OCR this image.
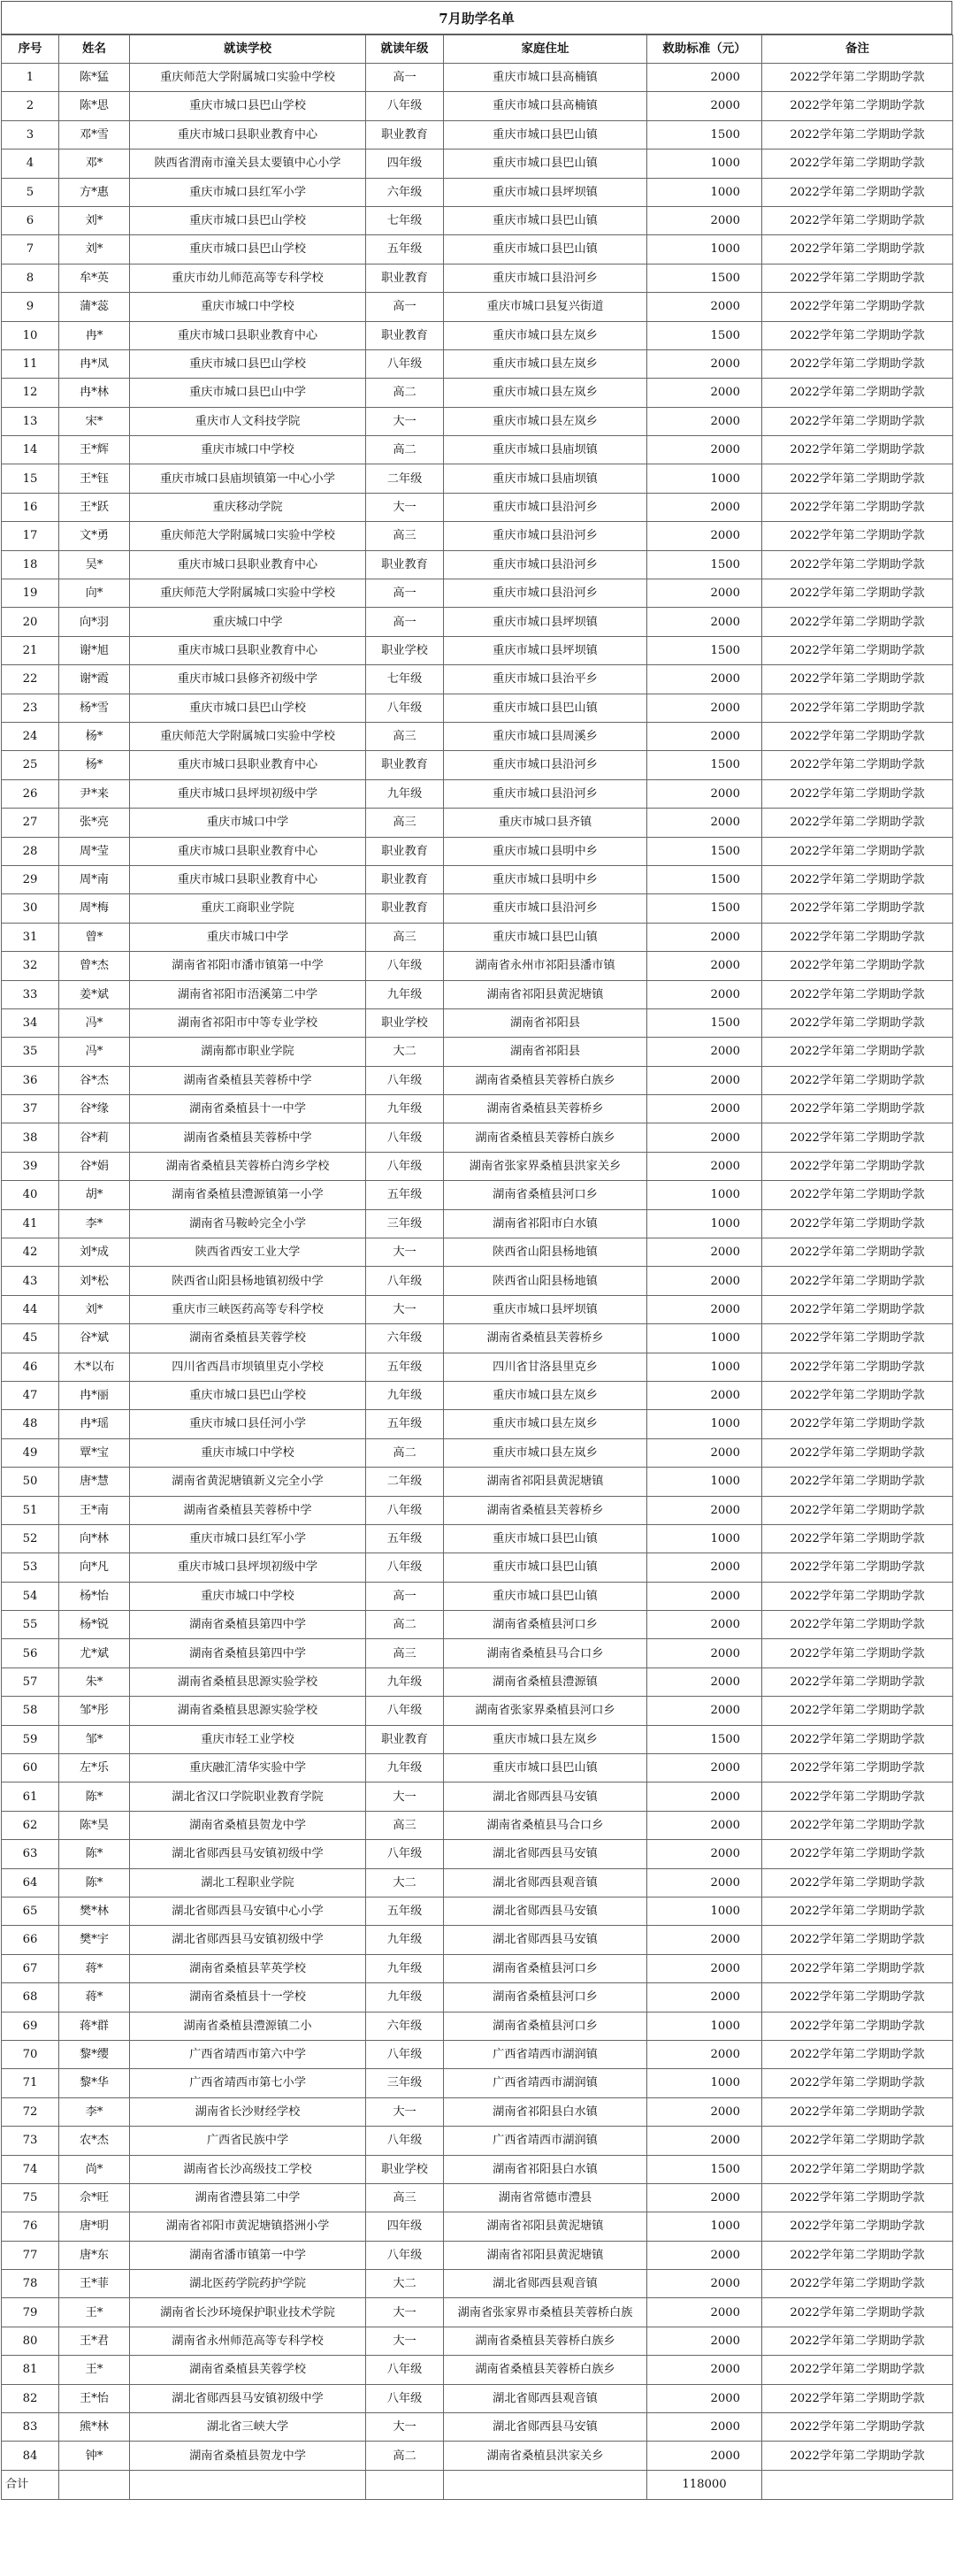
7月助学名单
序号	姓名	就读学校	就读年级	家庭住址	救助标准（元）	备注
1	陈*猛	重庆师范大学附属城口实验中学校	高一	重庆市城口县高楠镇	2000	2022学年第二学期助学款
2	陈*思	重庆市城口县巴山学校	八年级	重庆市城口县高楠镇	2000	2022学年第二学期助学款
3	邓*雪	重庆市城口县职业教育中心	职业教育	重庆市城口县巴山镇	1500	2022学年第二学期助学款
4	邓*	陕西省渭南市潼关县太要镇中心小学	四年级	重庆市城口县巴山镇	1000	2022学年第二学期助学款
5	方*惠	重庆市城口县红军小学	六年级	重庆市城口县坪坝镇	1000	2022学年第二学期助学款
6	刘*	重庆市城口县巴山学校	七年级	重庆市城口县巴山镇	2000	2022学年第二学期助学款
7	刘*	重庆市城口县巴山学校	五年级	重庆市城口县巴山镇	1000	2022学年第二学期助学款
8	牟*英	重庆市幼儿师范高等专科学校	职业教育	重庆市城口县沿河乡	1500	2022学年第二学期助学款
9	蒲*蕊	重庆市城口中学校	高一	重庆市城口县复兴街道	2000	2022学年第二学期助学款
10	冉*	重庆市城口县职业教育中心	职业教育	重庆市城口县左岚乡	1500	2022学年第二学期助学款
11	冉*凤	重庆市城口县巴山学校	八年级	重庆市城口县左岚乡	2000	2022学年第二学期助学款
12	冉*林	重庆市城口县巴山中学	高二	重庆市城口县左岚乡	2000	2022学年第二学期助学款
13	宋*	重庆市人文科技学院	大一	重庆市城口县左岚乡	2000	2022学年第二学期助学款
14	王*辉	重庆市城口中学校	高二	重庆市城口县庙坝镇	2000	2022学年第二学期助学款
15	王*钰	重庆市城口县庙坝镇第一中心小学	二年级	重庆市城口县庙坝镇	1000	2022学年第二学期助学款
16	王*跃	重庆移动学院	大一	重庆市城口县沿河乡	2000	2022学年第二学期助学款
17	文*勇	重庆师范大学附属城口实验中学校	高三	重庆市城口县沿河乡	2000	2022学年第二学期助学款
18	吴*	重庆市城口县职业教育中心	职业教育	重庆市城口县沿河乡	1500	2022学年第二学期助学款
19	向*	重庆师范大学附属城口实验中学校	高一	重庆市城口县沿河乡	2000	2022学年第二学期助学款
20	向*羽	重庆城口中学	高一	重庆市城口县坪坝镇	2000	2022学年第二学期助学款
21	谢*旭	重庆市城口县职业教育中心	职业学校	重庆市城口县坪坝镇	1500	2022学年第二学期助学款
22	谢*霞	重庆市城口县修齐初级中学	七年级	重庆市城口县治平乡	2000	2022学年第二学期助学款
23	杨*雪	重庆市城口县巴山学校	八年级	重庆市城口县巴山镇	2000	2022学年第二学期助学款
24	杨*	重庆师范大学附属城口实验中学校	高三	重庆市城口县周溪乡	2000	2022学年第二学期助学款
25	杨*	重庆市城口县职业教育中心	职业教育	重庆市城口县沿河乡	1500	2022学年第二学期助学款
26	尹*来	重庆市城口县坪坝初级中学	九年级	重庆市城口县沿河乡	2000	2022学年第二学期助学款
27	张*亮	重庆市城口中学	高三	重庆市城口县齐镇	2000	2022学年第二学期助学款
28	周*莹	重庆市城口县职业教育中心	职业教育	重庆市城口县明中乡	1500	2022学年第二学期助学款
29	周*南	重庆市城口县职业教育中心	职业教育	重庆市城口县明中乡	1500	2022学年第二学期助学款
30	周*梅	重庆工商职业学院	职业教育	重庆市城口县沿河乡	1500	2022学年第二学期助学款
31	曾*	重庆市城口中学	高三	重庆市城口县巴山镇	2000	2022学年第二学期助学款
32	曾*杰	湖南省祁阳市潘市镇第一中学	八年级	湖南省永州市祁阳县潘市镇	2000	2022学年第二学期助学款
33	姜*斌	湖南省祁阳市浯溪第二中学	九年级	湖南省祁阳县黄泥塘镇	2000	2022学年第二学期助学款
34	冯*	湖南省祁阳市中等专业学校	职业学校	湖南省祁阳县	1500	2022学年第二学期助学款
35	冯*	湖南都市职业学院	大二	湖南省祁阳县	2000	2022学年第二学期助学款
36	谷*杰	湖南省桑植县芙蓉桥中学	八年级	湖南省桑植县芙蓉桥白族乡	2000	2022学年第二学期助学款
37	谷*缘	湖南省桑植县十一中学	九年级	湖南省桑植县芙蓉桥乡	2000	2022学年第二学期助学款
38	谷*莉	湖南省桑植县芙蓉桥中学	八年级	湖南省桑植县芙蓉桥白族乡	2000	2022学年第二学期助学款
39	谷*娟	湖南省桑植县芙蓉桥白湾乡学校	八年级	湖南省张家界桑植县洪家关乡	2000	2022学年第二学期助学款
40	胡*	湖南省桑植县澧源镇第一小学	五年级	湖南省桑植县河口乡	1000	2022学年第二学期助学款
41	李*	湖南省马鞍岭完全小学	三年级	湖南省祁阳市白水镇	1000	2022学年第二学期助学款
42	刘*成	陕西省西安工业大学	大一	陕西省山阳县杨地镇	2000	2022学年第二学期助学款
43	刘*松	陕西省山阳县杨地镇初级中学	八年级	陕西省山阳县杨地镇	2000	2022学年第二学期助学款
44	刘*	重庆市三峡医药高等专科学校	大一	重庆市城口县坪坝镇	2000	2022学年第二学期助学款
45	谷*斌	湖南省桑植县芙蓉学校	六年级	湖南省桑植县芙蓉桥乡	1000	2022学年第二学期助学款
46	木*以布	四川省西昌市坝镇里克小学校	五年级	四川省甘洛县里克乡	1000	2022学年第二学期助学款
47	冉*丽	重庆市城口县巴山学校	九年级	重庆市城口县左岚乡	2000	2022学年第二学期助学款
48	冉*瑶	重庆市城口县任河小学	五年级	重庆市城口县左岚乡	1000	2022学年第二学期助学款
49	覃*宝	重庆市城口中学校	高二	重庆市城口县左岚乡	2000	2022学年第二学期助学款
50	唐*慧	湖南省黄泥塘镇新义完全小学	二年级	湖南省祁阳县黄泥塘镇	1000	2022学年第二学期助学款
51	王*南	湖南省桑植县芙蓉桥中学	八年级	湖南省桑植县芙蓉桥乡	2000	2022学年第二学期助学款
52	向*林	重庆市城口县红军小学	五年级	重庆市城口县巴山镇	1000	2022学年第二学期助学款
53	向*凡	重庆市城口县坪坝初级中学	八年级	重庆市城口县巴山镇	2000	2022学年第二学期助学款
54	杨*怡	重庆市城口中学校	高一	重庆市城口县巴山镇	2000	2022学年第二学期助学款
55	杨*锐	湖南省桑植县第四中学	高二	湖南省桑植县河口乡	2000	2022学年第二学期助学款
56	尤*斌	湖南省桑植县第四中学	高三	湖南省桑植县马合口乡	2000	2022学年第二学期助学款
57	朱*	湖南省桑植县思源实验学校	九年级	湖南省桑植县澧源镇	2000	2022学年第二学期助学款
58	邹*彤	湖南省桑植县思源实验学校	八年级	湖南省张家界桑植县河口乡	2000	2022学年第二学期助学款
59	邹*	重庆市轻工业学校	职业教育	重庆市城口县左岚乡	1500	2022学年第二学期助学款
60	左*乐	重庆融汇清华实验中学	九年级	重庆市城口县巴山镇	2000	2022学年第二学期助学款
61	陈*	湖北省汉口学院职业教育学院	大一	湖北省郧西县马安镇	2000	2022学年第二学期助学款
62	陈*昊	湖南省桑植县贺龙中学	高三	湖南省桑植县马合口乡	2000	2022学年第二学期助学款
63	陈*	湖北省郧西县马安镇初级中学	八年级	湖北省郧西县马安镇	2000	2022学年第二学期助学款
64	陈*	湖北工程职业学院	大二	湖北省郧西县观音镇	2000	2022学年第二学期助学款
65	樊*林	湖北省郧西县马安镇中心小学	五年级	湖北省郧西县马安镇	1000	2022学年第二学期助学款
66	樊*宇	湖北省郧西县马安镇初级中学	九年级	湖北省郧西县马安镇	2000	2022学年第二学期助学款
67	蒋*	湖南省桑植县苹英学校	九年级	湖南省桑植县河口乡	2000	2022学年第二学期助学款
68	蒋*	湖南省桑植县十一学校	九年级	湖南省桑植县河口乡	2000	2022学年第二学期助学款
69	蒋*群	湖南省桑植县澧源镇二小	六年级	湖南省桑植县河口乡	1000	2022学年第二学期助学款
70	黎*缨	广西省靖西市第六中学	八年级	广西省靖西市湖润镇	2000	2022学年第二学期助学款
71	黎*华	广西省靖西市第七小学	三年级	广西省靖西市湖润镇	1000	2022学年第二学期助学款
72	李*	湖南省长沙财经学校	大一	湖南省祁阳县白水镇	2000	2022学年第二学期助学款
73	农*杰	广西省民族中学	八年级	广西省靖西市湖润镇	2000	2022学年第二学期助学款
74	尚*	湖南省长沙高级技工学校	职业学校	湖南省祁阳县白水镇	1500	2022学年第二学期助学款
75	佘*旺	湖南省澧县第二中学	高三	湖南省常德市澧县	2000	2022学年第二学期助学款
76	唐*明	湖南省祁阳市黄泥塘镇搭洲小学	四年级	湖南省祁阳县黄泥塘镇	1000	2022学年第二学期助学款
77	唐*东	湖南省潘市镇第一中学	八年级	湖南省祁阳县黄泥塘镇	2000	2022学年第二学期助学款
78	王*菲	湖北医药学院药护学院	大二	湖北省郧西县观音镇	2000	2022学年第二学期助学款
79	王*	湖南省长沙环境保护职业技术学院	大一	湖南省张家界市桑植县芙蓉桥白族	2000	2022学年第二学期助学款
80	王*君	湖南省永州师范高等专科学校	大一	湖南省桑植县芙蓉桥白族乡	2000	2022学年第二学期助学款
81	王*	湖南省桑植县芙蓉学校	八年级	湖南省桑植县芙蓉桥白族乡	2000	2022学年第二学期助学款
82	王*怡	湖北省郧西县马安镇初级中学	八年级	湖北省郧西县观音镇	2000	2022学年第二学期助学款
83	熊*林	湖北省三峡大学	大一	湖北省郧西县马安镇	2000	2022学年第二学期助学款
84	钟*	湖南省桑植县贺龙中学	高二	湖南省桑植县洪家关乡	2000	2022学年第二学期助学款
合计					118000	
